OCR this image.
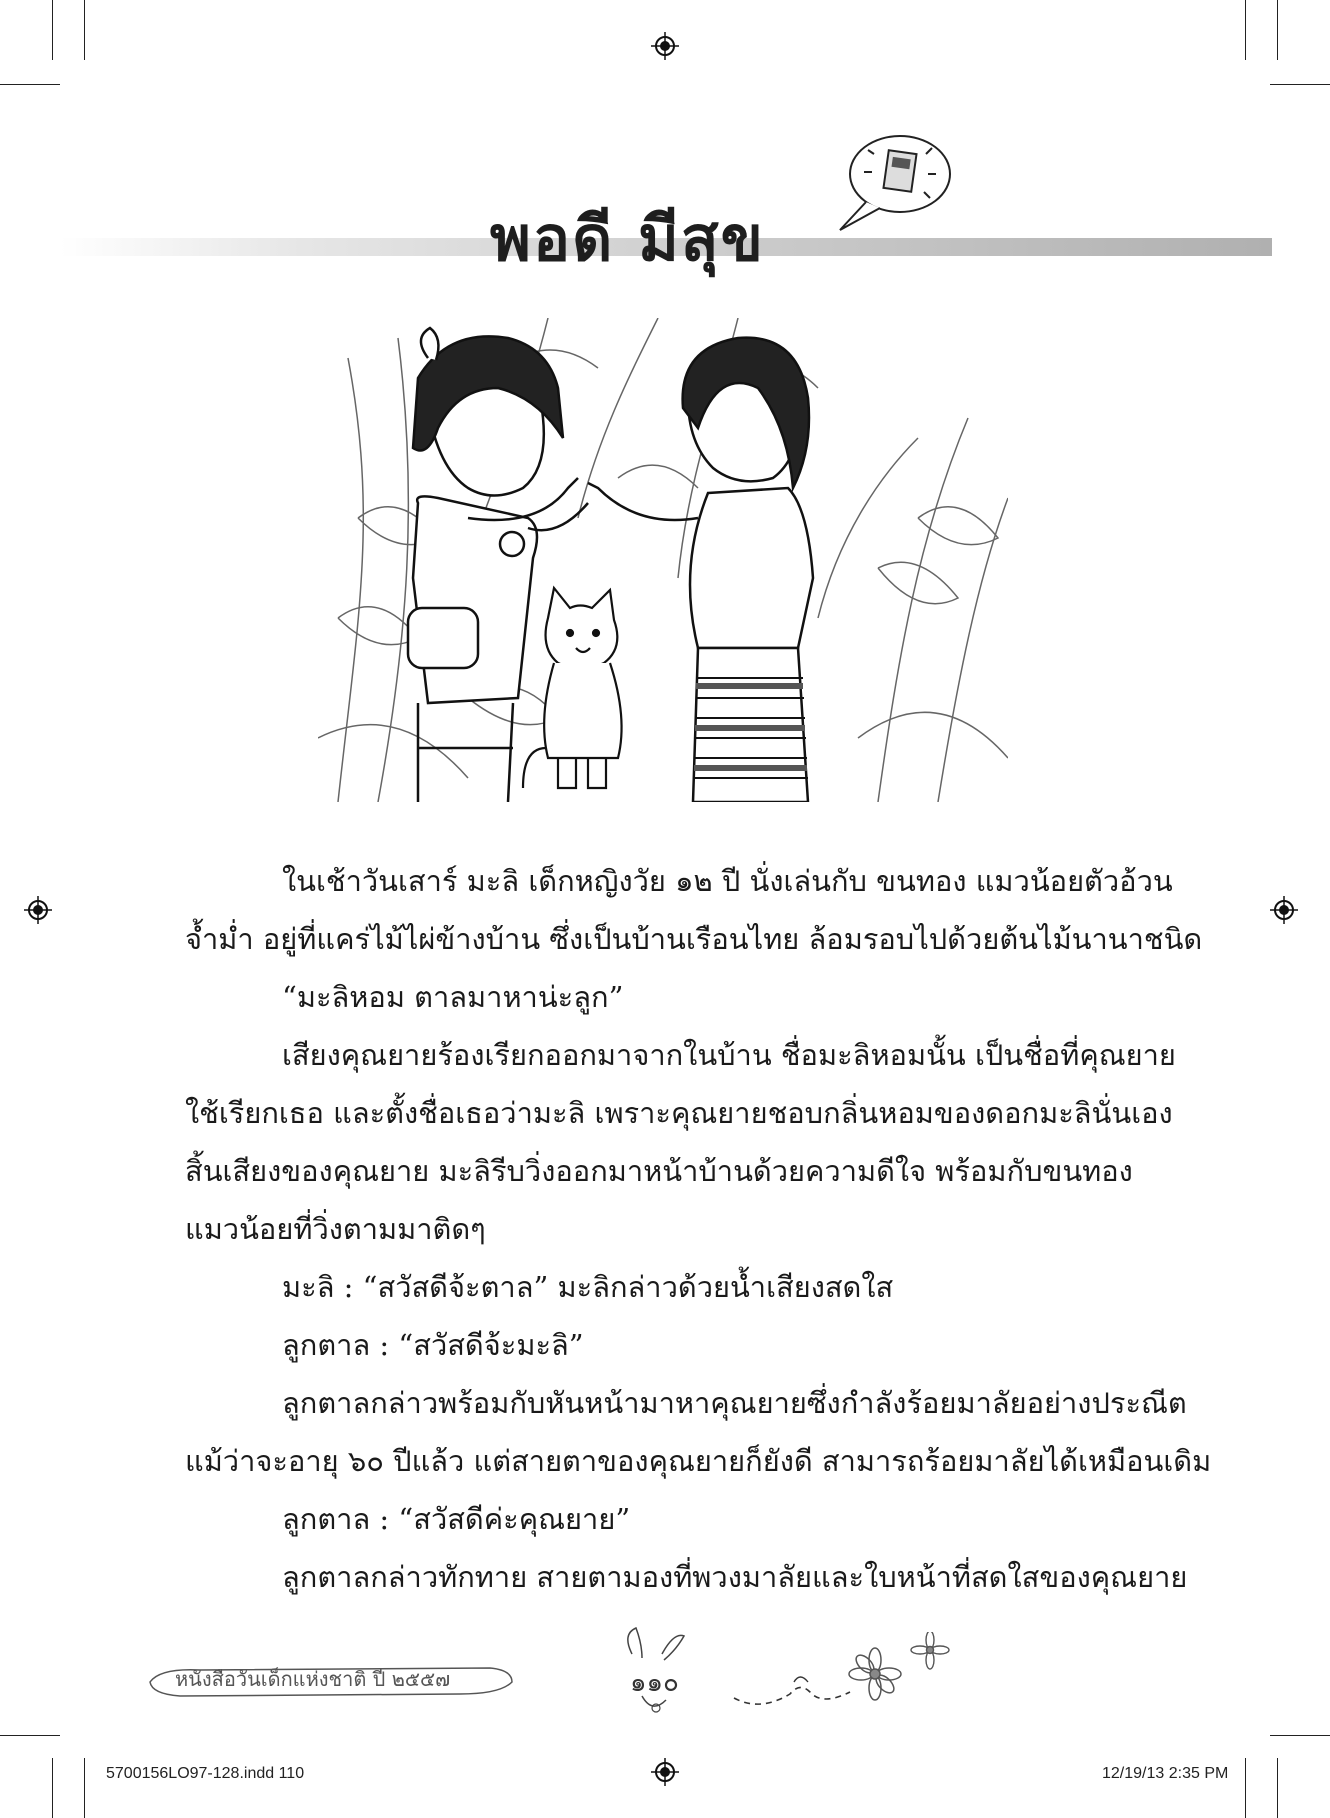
พอดี มีสุข
ในเช้าวันเสาร์ มะลิ เด็กหญิงวัย ๑๒ ปี นั่งเล่นกับ ขนทอง แมวน้อยตัวอ้วน
จ้ำม่ำ อยู่ที่แคร่ไม้ไผ่ข้างบ้าน ซึ่งเป็นบ้านเรือนไทย ล้อมรอบไปด้วยต้นไม้นานาชนิด
“มะลิหอม ตาลมาหาน่ะลูก”
เสียงคุณยายร้องเรียกออกมาจากในบ้าน ชื่อมะลิหอมนั้น เป็นชื่อที่คุณยาย
ใช้เรียกเธอ และตั้งชื่อเธอว่ามะลิ เพราะคุณยายชอบกลิ่นหอมของดอกมะลินั่นเอง
สิ้นเสียงของคุณยาย มะลิรีบวิ่งออกมาหน้าบ้านด้วยความดีใจ พร้อมกับขนทอง
แมวน้อยที่วิ่งตามมาติดๆ
มะลิ : “สวัสดีจ้ะตาล” มะลิกล่าวด้วยน้ำเสียงสดใส
ลูกตาล : “สวัสดีจ้ะมะลิ”
ลูกตาลกล่าวพร้อมกับหันหน้ามาหาคุณยายซึ่งกำลังร้อยมาลัยอย่างประณีต
แม้ว่าจะอายุ ๖๐ ปีแล้ว แต่สายตาของคุณยายก็ยังดี สามารถร้อยมาลัยได้เหมือนเดิม
ลูกตาล : “สวัสดีค่ะคุณยาย”
ลูกตาลกล่าวทักทาย สายตามองที่พวงมาลัยและใบหน้าที่สดใสของคุณยาย
หนังสือวันเด็กแห่งชาติ ปี ๒๕๕๗	๑๑๐
5700156LO97-128.indd 110	12/19/13 2:35 PM
